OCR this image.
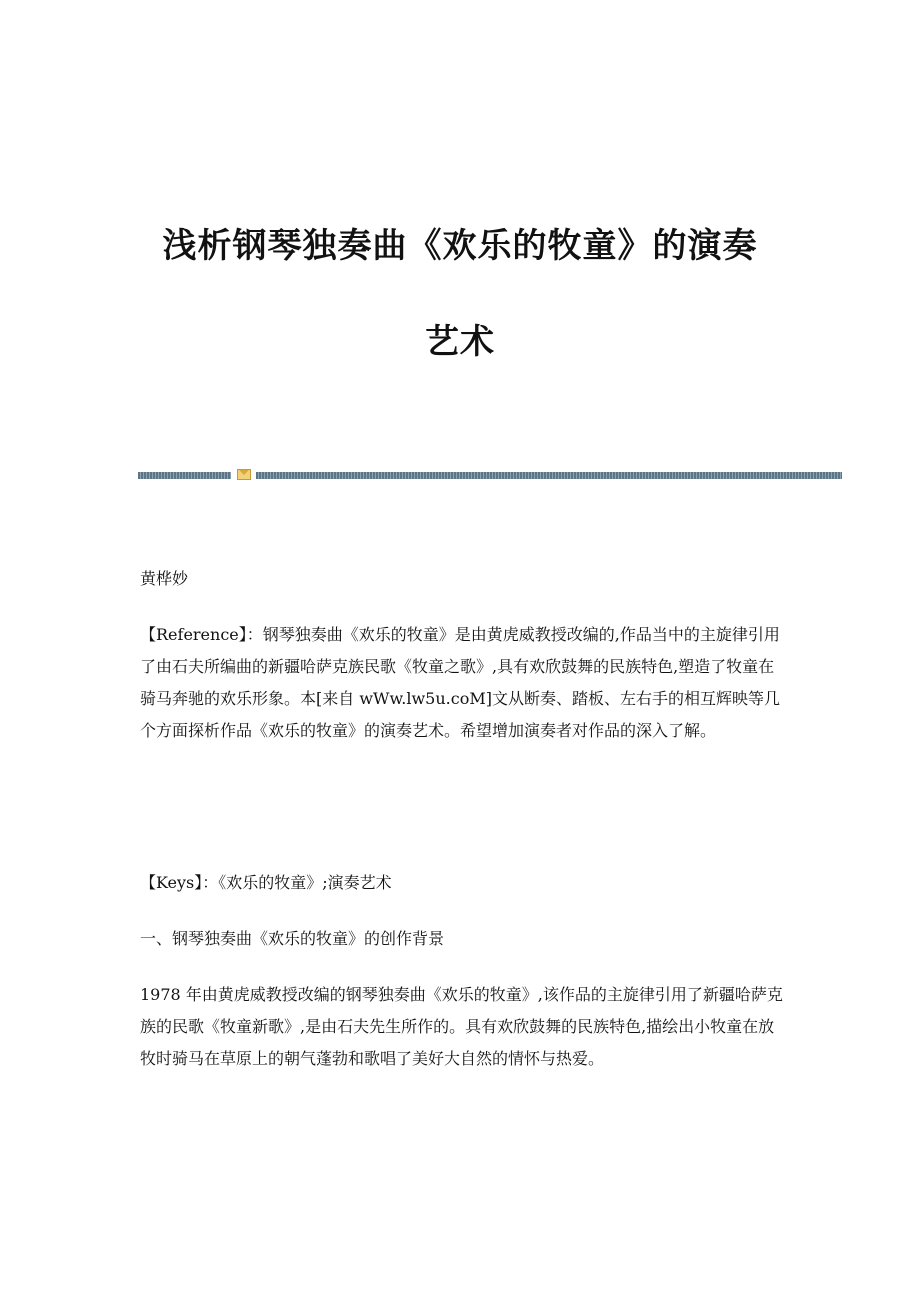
浅析钢琴独奏曲《欢乐的牧童》的演奏
艺术

黄桦妙

【Reference】：钢琴独奏曲《欢乐的牧童》是由黄虎威教授改编的,作品当中的主旋律引用了由石夫所编曲的新疆哈萨克族民歌《牧童之歌》,具有欢欣鼓舞的民族特色,塑造了牧童在骑马奔驰的欢乐形象。本[来自 wWw.lw5u.coM]文从断奏、踏板、左右手的相互辉映等几个方面探析作品《欢乐的牧童》的演奏艺术。希望增加演奏者对作品的深入了解。

【Keys】：《欢乐的牧童》;演奏艺术

一、钢琴独奏曲《欢乐的牧童》的创作背景

1978 年由黄虎威教授改编的钢琴独奏曲《欢乐的牧童》,该作品的主旋律引用了新疆哈萨克族的民歌《牧童新歌》,是由石夫先生所作的。具有欢欣鼓舞的民族特色,描绘出小牧童在放牧时骑马在草原上的朝气蓬勃和歌唱了美好大自然的情怀与热爱。
